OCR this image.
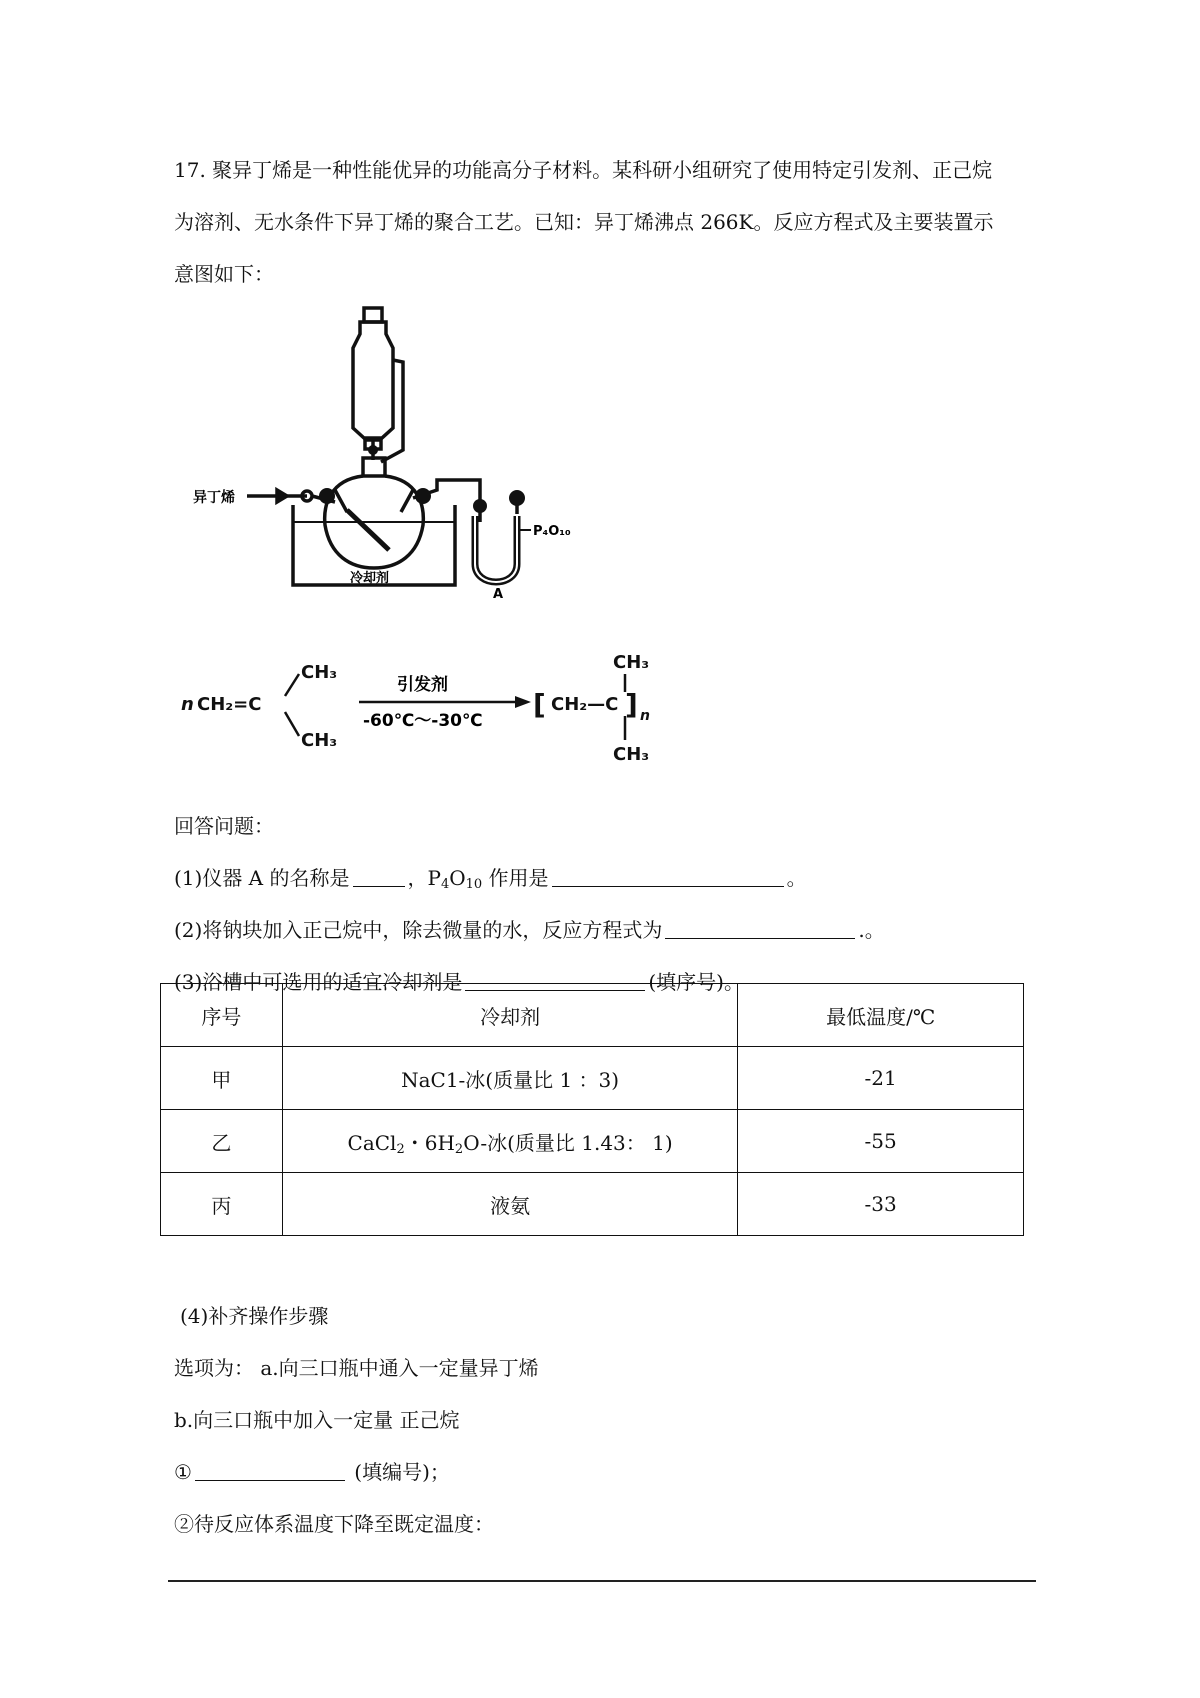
17. 聚异丁烯是一种性能优异的功能高分子材料。某科研小组研究了使用特定引发剂、正己烷

为溶剂、无水条件下异丁烯的聚合工艺。已知：异丁烯沸点 266K。反应方程式及主要装置示

意图如下：

异丁烯
冷却剂
P₄O₁₀
A
n CH₂=C
CH₃
CH₃
引发剂
-60℃～-30℃ [ CH₂—C ] n
CH₃
CH₃

回答问题：

(1)仪器 A 的名称是	，$P_4O_{10}$ 作用是	。

(2)将钠块加入正己烷中，除去微量的水，反应方程式为	.。

(3)浴槽中可选用的适宜冷却剂是	(填序号)。

序号	冷却剂	最低温度/℃
甲	NaC1-冰(质量比 1 ：3)	-21
乙	CaCl$_2$・$6H_2O-$冰(质量比 1.43： 1)	-55
丙	液氨	-33

(4)补齐操作步骤

选项为： a.向三口瓶中通入一定量异丁烯

b.向三口瓶中加入一定量 正己烷

①	(填编号)；

②待反应体系温度下降至既定温度：
